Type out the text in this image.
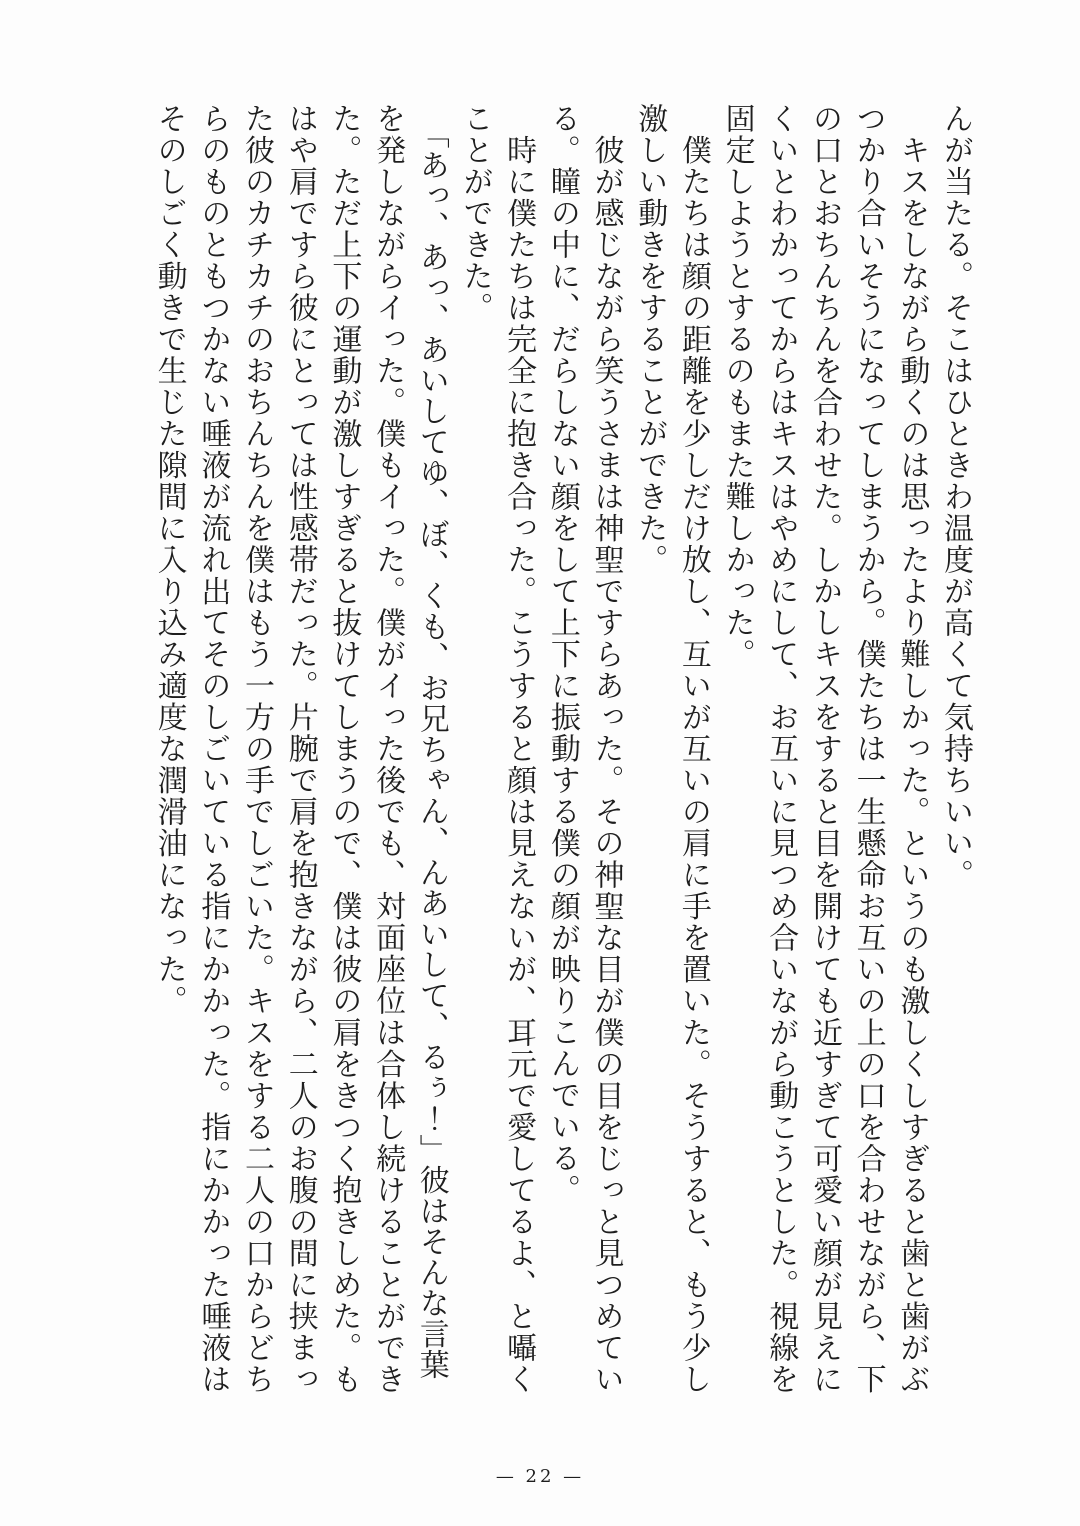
んが当たる。そこはひときわ温度が高くて気持ちいい。
　キスをしながら動くのは思ったより難しかった。というのも激しくしすぎると歯と歯がぶ
つかり合いそうになってしまうから。僕たちは一生懸命お互いの上の口を合わせながら、下
の口とおちんちんを合わせた。しかしキスをすると目を開けても近すぎて可愛い顔が見えに
くいとわかってからはキスはやめにして、お互いに見つめ合いながら動こうとした。視線を
固定しようとするのもまた難しかった。
　僕たちは顔の距離を少しだけ放し、互いが互いの肩に手を置いた。そうすると、もう少し
激しい動きをすることができた。
　彼が感じながら笑うさまは神聖ですらあった。その神聖な目が僕の目をじっと見つめてい
る。瞳の中に、だらしない顔をして上下に振動する僕の顔が映りこんでいる。
　時に僕たちは完全に抱き合った。こうすると顔は見えないが、耳元で愛してるよ、と囁く
ことができた。
　「あっ、あっ、あいしてゆ、ぼ、くも、お兄ちゃん、んあいして、るぅ！」彼はそんな言葉
を発しながらイった。僕もイった。僕がイった後でも、対面座位は合体し続けることができ
た。ただ上下の運動が激しすぎると抜けてしまうので、僕は彼の肩をきつく抱きしめた。も
はや肩ですら彼にとっては性感帯だった。片腕で肩を抱きながら、二人のお腹の間に挟まっ
た彼のカチカチのおちんちんを僕はもう一方の手でしごいた。キスをする二人の口からどち
らのものともつかない唾液が流れ出てそのしごいている指にかかった。指にかかった唾液は
そのしごく動きで生じた隙間に入り込み適度な潤滑油になった。
— 22 —
